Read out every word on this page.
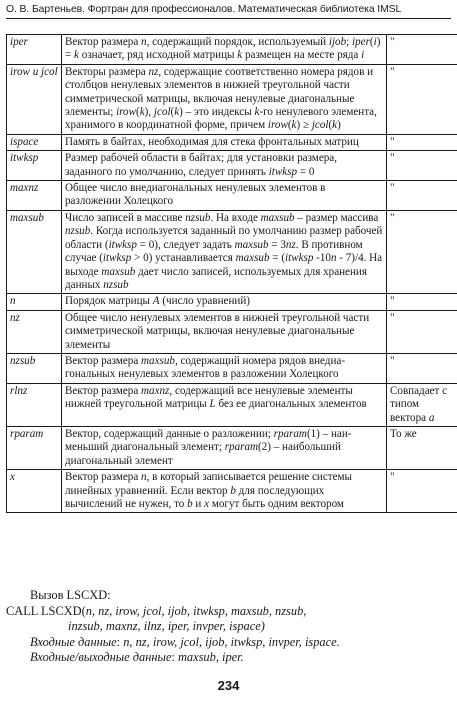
О. В. Бартеньев. Фортран для профессионалов. Математическая библиотека IMSL
iper	Вектор размера n, содержащий порядок, используемый ijob; iper(i) = k означает, ряд исходной матрицы k размещен на месте ряда i	"
irow и jcol	Векторы размера nz, содержащие соответственно номера рядов и столбцов ненулевых элементов в нижней треугольной части симметрической матрицы, включая ненулевые диагональные элементы; irow(k), jcol(k) – это индексы k-го ненулевого элемента, хранимого в координатной форме, причем irow(k) ≥ jcol(k)	"
ispace	Память в байтах, необходимая для стека фронтальных матриц	"
itwksp	Размер рабочей области в байтах; для установки размера, заданного по умолчанию, следует принять itwksp = 0	"
maxnz	Общее число внедиагональных ненулевых элементов в разложении Холецкого	"
maxsub	Число записей в массиве nzsub. На входе maxsub – размер массива nzsub. Когда используется заданный по умолчанию размер рабочей области (itwksp = 0), следует задать maxsub = 3nz. В противном случае (itwksp > 0) устанавливается maxsub = (itwksp -10n - 7)/4. На выходе maxsub дает число записей, используемых для хранения данных nzsub	"
n	Порядок матрицы A (число уравнений)	"
nz	Общее число ненулевых элементов в нижней треугольной части симметрической матрицы, включая ненулевые диагональные элементы	"
nzsub	Вектор размера maxsub, содержащий номера рядов внедиагональных ненулевых элементов в разложении Холецкого	"
rlnz	Вектор размера maxnz, содержащий все ненулевые элементы нижней треугольной матрицы L без ее диагональных элементов	Совпадает с типом вектора a
rparam	Вектор, содержащий данные о разложении; rparam(1) – наименьший диагональный элемент; rparam(2) – наибольший диагональный элемент	То же
x	Вектор размера n, в который записывается решение системы линейных уравнений. Если вектор b для последующих вычислений не нужен, то b и x могут быть одним вектором	"
Вызов LSCXD:
CALL LSCXD(n, nz, irow, jcol, ijob, itwksp, maxsub, nzsub,
inzsub, maxnz, ilnz, iper, invper, ispace)
Входные данные: n, nz, irow, jcol, ijob, itwksp, invper, ispace.
Входные/выходные данные: maxsub, iper.
234
